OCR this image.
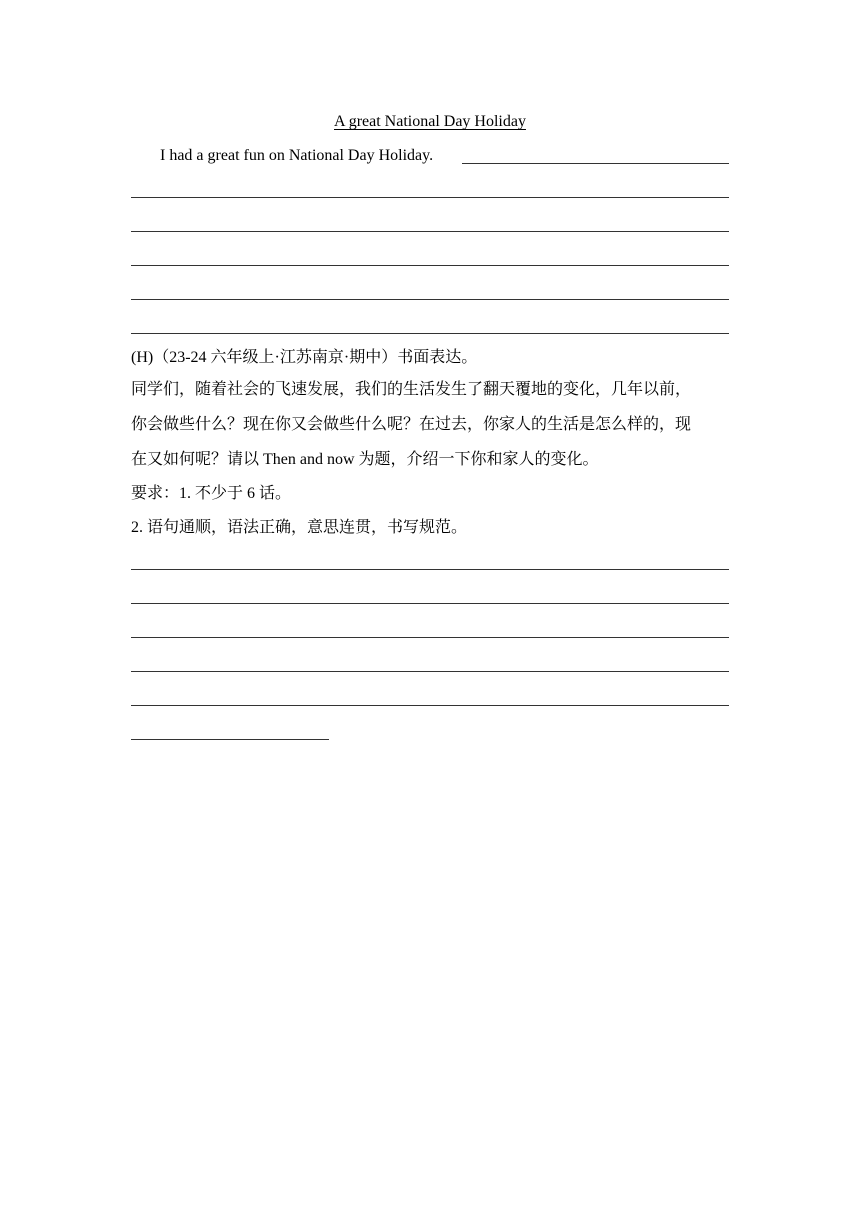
A great National Day Holiday
I had a great fun on National Day Holiday.
(H)（23-24 六年级上·江苏南京·期中）书面表达。
同学们，随着社会的飞速发展，我们的生活发生了翻天覆地的变化，几年以前，
你会做些什么？现在你又会做些什么呢？在过去，你家人的生活是怎么样的，现
在又如何呢？请以 Then and now 为题，介绍一下你和家人的变化。
要求：1. 不少于 6 话。
2. 语句通顺，语法正确，意思连贯，书写规范。
